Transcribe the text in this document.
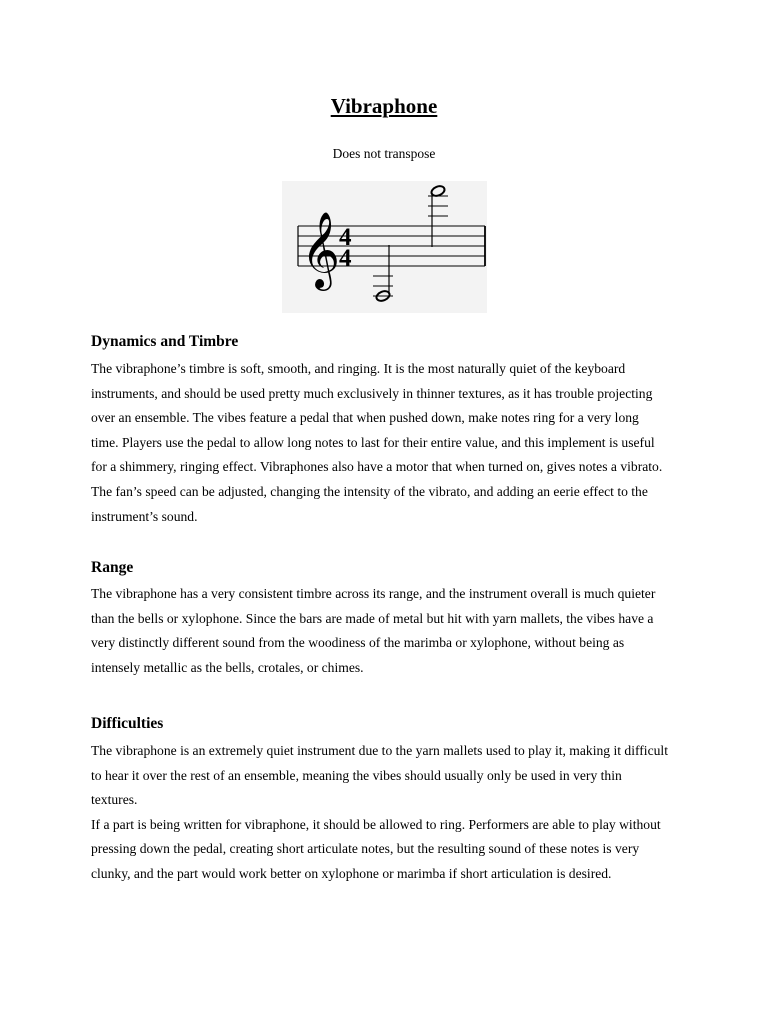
Vibraphone

Does not transpose

𝄞
4
4
Dynamics and Timbre

The vibraphone’s timbre is soft, smooth, and ringing. It is the most naturally quiet of the keyboard
instruments, and should be used pretty much exclusively in thinner textures, as it has trouble projecting
over an ensemble. The vibes feature a pedal that when pushed down, make notes ring for a very long
time. Players use the pedal to allow long notes to last for their entire value, and this implement is useful
for a shimmery, ringing effect. Vibraphones also have a motor that when turned on, gives notes a vibrato.
The fan’s speed can be adjusted, changing the intensity of the vibrato, and adding an eerie effect to the
instrument’s sound.

Range

The vibraphone has a very consistent timbre across its range, and the instrument overall is much quieter
than the bells or xylophone. Since the bars are made of metal but hit with yarn mallets, the vibes have a
very distinctly different sound from the woodiness of the marimba or xylophone, without being as
intensely metallic as the bells, crotales, or chimes.

Difficulties

The vibraphone is an extremely quiet instrument due to the yarn mallets used to play it, making it difficult
to hear it over the rest of an ensemble, meaning the vibes should usually only be used in very thin
textures.
If a part is being written for vibraphone, it should be allowed to ring. Performers are able to play without
pressing down the pedal, creating short articulate notes, but the resulting sound of these notes is very
clunky, and the part would work better on xylophone or marimba if short articulation is desired.
